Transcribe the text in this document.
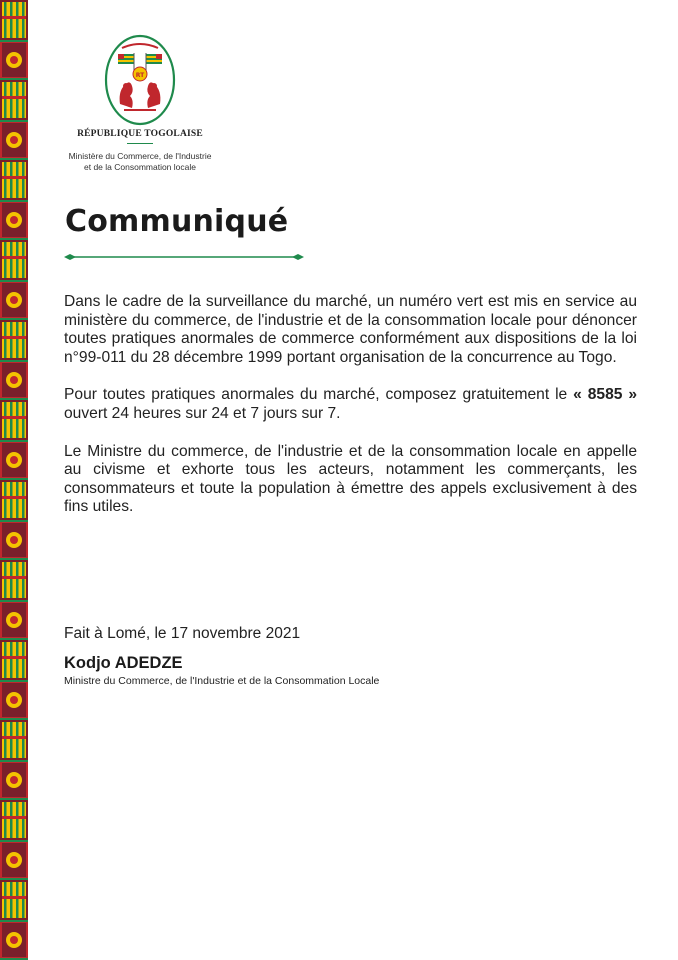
RT
RÉPUBLIQUE TOGOLAISE
Ministère du Commerce, de l'Industrie
et de la Consommation locale
Communiqué

Dans le cadre de la surveillance du marché, un numéro vert est mis en service au ministère du commerce, de l'industrie et de la consommation locale pour dénoncer toutes pratiques anormales de commerce conformément aux dispositions de la loi n°99-011 du 28 décembre 1999 portant organisation de la concurrence au Togo.

Pour toutes pratiques anormales du marché, composez gratuitement le « 8585 » ouvert 24 heures sur 24 et 7 jours sur 7.

Le Ministre du commerce, de l'industrie et de la consommation locale en appelle au civisme et exhorte tous les acteurs, notamment les commerçants, les consommateurs et toute la population à émettre des appels exclusivement à des fins utiles.

Fait à Lomé, le 17 novembre 2021
Kodjo ADEDZE
Ministre du Commerce, de l'Industrie et de la Consommation Locale
